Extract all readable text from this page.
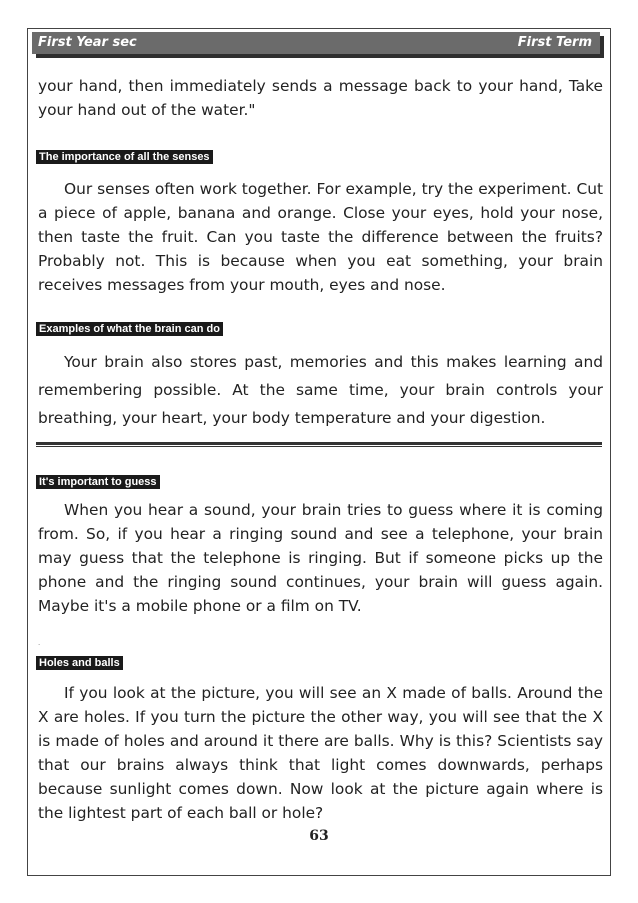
First Year sec	First Term

your hand, then immediately sends a message back to your hand, Take your hand out of the water."

The importance of all the senses

Our senses often work together. For example, try the experiment. Cut a piece of apple, banana and orange. Close your eyes, hold your nose, then taste the fruit. Can you taste the difference between the fruits? Probably not. This is because when you eat something, your brain receives messages from your mouth, eyes and nose.

Examples of what the brain can do

Your brain also stores past, memories and this makes learning and remembering possible. At the same time, your brain controls your breathing, your heart, your body temperature and your digestion.

It's important to guess

When you hear a sound, your brain tries to guess where it is coming from. So, if you hear a ringing sound and see a telephone, your brain may guess that the telephone is ringing. But if someone picks up the phone and the ringing sound continues, your brain will guess again. Maybe it's a mobile phone or a film on TV.

·
Holes and balls

If you look at the picture, you will see an X made of balls. Around the X are holes. If you turn the picture the other way, you will see that the X is made of holes and around it there are balls. Why is this? Scientists say that our brains always think that light comes downwards, perhaps because sunlight comes down. Now look at the picture again where is the lightest part of each ball or hole?

63
